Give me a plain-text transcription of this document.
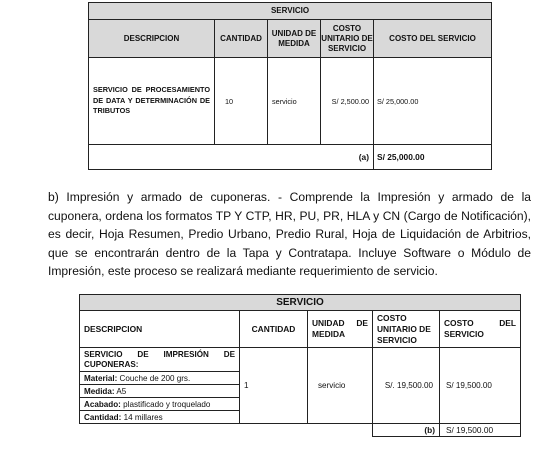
SERVICIO				
DESCRIPCION	CANTIDAD	UNIDAD DE MEDIDA	COSTO UNITARIO DE SERVICIO	COSTO DEL SERVICIO
SERVICIO DE PROCESAMIENTO DE DATA Y DETERMINACIÓN DE TRIBUTOS	10	servicio	S/ 2,500.00	S/ 25,000.00
(a)				S/ 25,000.00

b) Impresión y armado de cuponeras. - Comprende la Impresión y armado de la cuponera, ordena los formatos TP Y CTP, HR, PU, PR, HLA y CN (Cargo de Notificación), es decir, Hoja Resumen, Predio Urbano, Predio Rural, Hoja de Liquidación de Arbitrios, que se encontrarán dentro de la Tapa y Contratapa. Incluye Software o Módulo de Impresión, este proceso se realizará mediante requerimiento de servicio.

SERVICIO				
DESCRIPCION	CANTIDAD	UNIDAD DE MEDIDA	COSTO UNITARIO DE SERVICIO	COSTO DEL SERVICIO
SERVICIO DE IMPRESIÓN DE CUPONERAS:	1	servicio	S/. 19,500.00	S/ 19,500.00
Material: Couche de 200 grs.				
Medida: A5				
Acabado: plastificado y troquelado				
Cantidad: 14 millares				
			(b)	S/ 19,500.00
